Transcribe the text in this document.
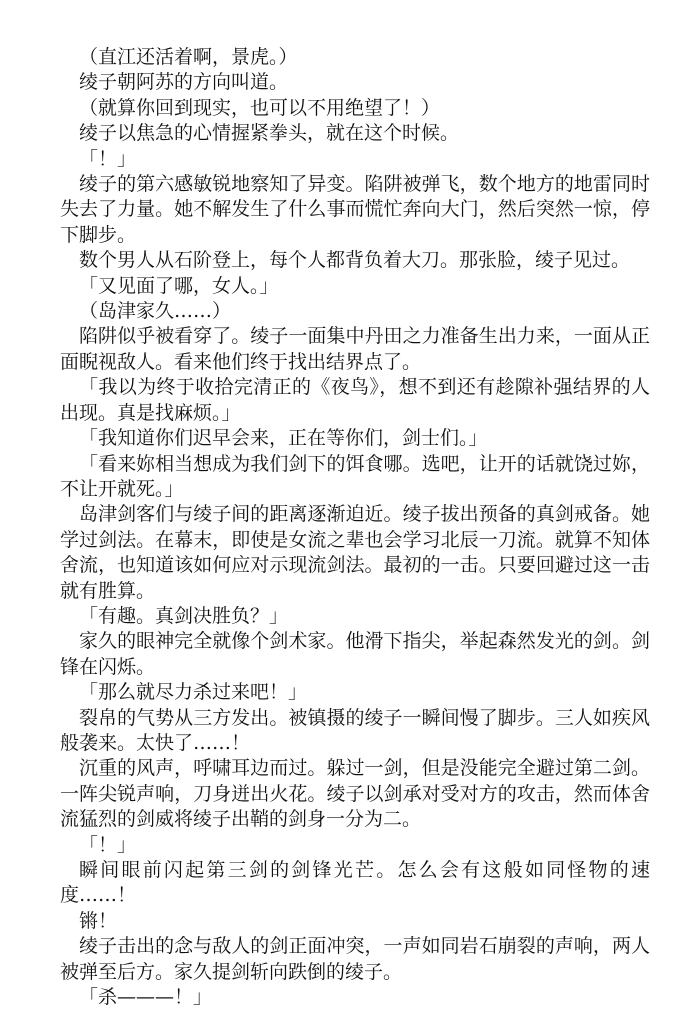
（直江还活着啊，景虎。）

绫子朝阿苏的方向叫道。

（就算你回到现实，也可以不用绝望了！）

绫子以焦急的心情握紧拳头，就在这个时候。

「！」

绫子的第六感敏锐地察知了异变。陷阱被弹飞，数个地方的地雷同时失去了力量。她不解发生了什么事而慌忙奔向大门，然后突然一惊，停下脚步。

数个男人从石阶登上，每个人都背负着大刀。那张脸，绫子见过。

「又见面了哪，女人。」

（岛津家久……）

陷阱似乎被看穿了。绫子一面集中丹田之力准备生出力来，一面从正面睨视敌人。看来他们终于找出结界点了。

「我以为终于收拾完清正的《夜鸟》，想不到还有趁隙补强结界的人出现。真是找麻烦。」

「我知道你们迟早会来，正在等你们，剑士们。」

「看来妳相当想成为我们剑下的饵食哪。选吧，让开的话就饶过妳，不让开就死。」

岛津剑客们与绫子间的距离逐渐迫近。绫子拔出预备的真剑戒备。她学过剑法。在幕末，即使是女流之辈也会学习北辰一刀流。就算不知体舍流，也知道该如何应对示现流剑法。最初的一击。只要回避过这一击就有胜算。

「有趣。真剑决胜负？」

家久的眼神完全就像个剑术家。他滑下指尖，举起森然发光的剑。剑锋在闪烁。

「那么就尽力杀过来吧！」

裂帛的气势从三方发出。被镇摄的绫子一瞬间慢了脚步。三人如疾风般袭来。太快了……！

沉重的风声，呼啸耳边而过。躲过一剑，但是没能完全避过第二剑。一阵尖锐声响，刀身迸出火花。绫子以剑承对受对方的攻击，然而体舍流猛烈的剑威将绫子出鞘的剑身一分为二。

「！」

瞬间眼前闪起第三剑的剑锋光芒。怎么会有这般如同怪物的速度……！

锵！

绫子击出的念与敌人的剑正面冲突，一声如同岩石崩裂的声响，两人被弹至后方。家久提剑斩向跌倒的绫子。

「杀———！」
